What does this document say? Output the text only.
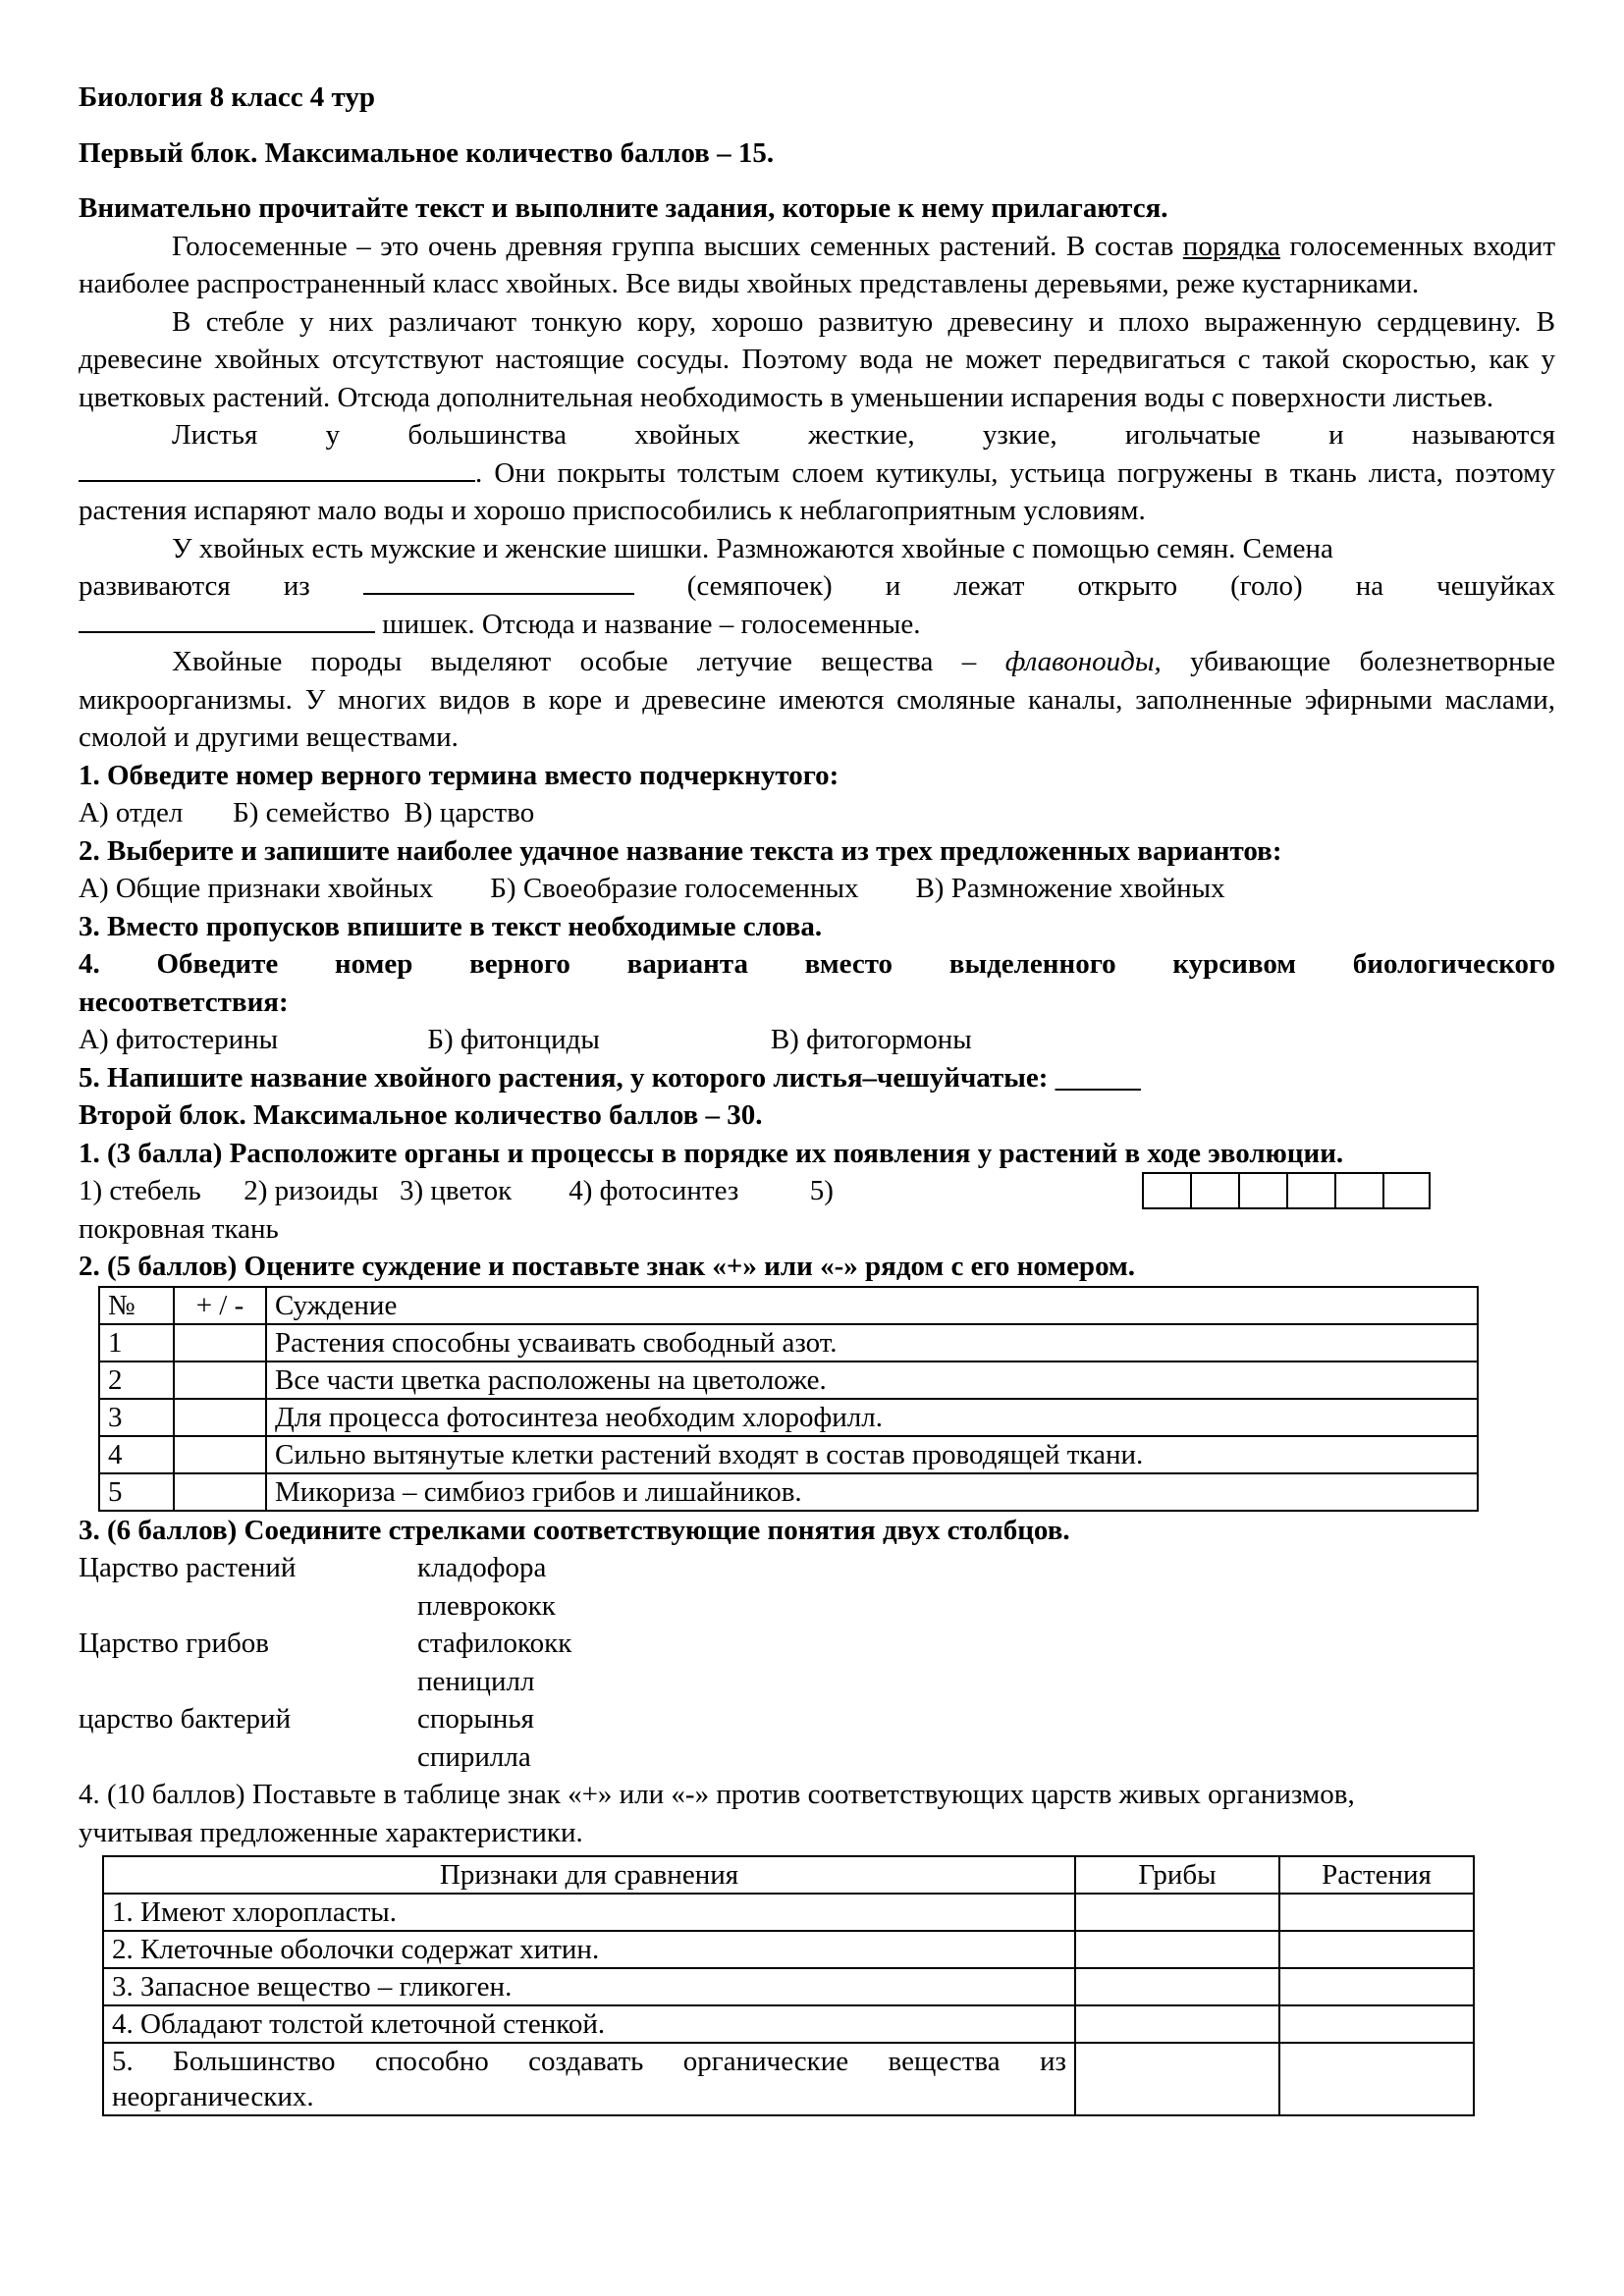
Биология 8 класс 4 тур

Первый блок. Максимальное количество баллов – 15.

Внимательно прочитайте текст и выполните задания, которые к нему прилагаются.

Голосеменные – это очень древняя группа высших семенных растений. В состав порядка голосеменных входит наиболее распространенный класс хвойных. Все виды хвойных представлены деревьями, реже кустарниками.

В стебле у них различают тонкую кору, хорошо развитую древесину и плохо выраженную сердцевину. В древесине хвойных отсутствуют настоящие сосуды. Поэтому вода не может передвигаться с такой скоростью, как у цветковых растений. Отсюда дополнительная необходимость в уменьшении испарения воды с поверхности листьев.

Листья у большинства хвойных жесткие, узкие, игольчатые и называются

. Они покрыты толстым слоем кутикулы, устьица погружены в ткань листа, поэтому растения испаряют мало воды и хорошо приспособились к неблагоприятным условиям.

У хвойных есть мужские и женские шишки. Размножаются хвойные с помощью семян. Семена

развиваются из	(семяпочек) и лежат открыто (голо) на чешуйках

шишек. Отсюда и название – голосеменные.

Хвойные породы выделяют особые летучие вещества – флавоноиды, убивающие болезнетворные микроорганизмы. У многих видов в коре и древесине имеются смоляные каналы, заполненные эфирными маслами, смолой и другими веществами.

1. Обведите номер верного термина вместо подчеркнутого:

А) отдел       Б) семейство  В) царство

2. Выберите и запишите наиболее удачное название текста из трех предложенных вариантов:

А) Общие признаки хвойных        Б) Своеобразие голосеменных        В) Размножение хвойных

3. Вместо пропусков впишите в текст необходимые слова.

4. Обведите номер верного варианта вместо выделенного курсивом биологического несоответствия:

А) фитостерины                     Б) фитонциды                        В) фитогормоны

5. Напишите название хвойного растения, у которого листья–чешуйчатые: ______

Второй блок. Максимальное количество баллов – 30.

1. (3 балла) Расположите органы и процессы в порядке их появления у растений в ходе эволюции.

1) стебель      2) ризоиды   3) цветок        4) фотосинтез          5)

покровная ткань

2. (5 баллов) Оцените суждение и поставьте знак «+» или «-» рядом с его номером.

№	+ / -	Суждение
1		Растения способны усваивать свободный азот.
2		Все части цветка расположены на цветоложе.
3		Для процесса фотосинтеза необходим хлорофилл.
4		Сильно вытянутые клетки растений входят в состав проводящей ткани.
5		Микориза – симбиоз грибов и лишайников.

3. (6 баллов) Соедините стрелками соответствующие понятия двух столбцов.

Царство растений	кладофора
плеврококк
Царство грибов	стафилококк
пеницилл
царство бактерий	спорынья
спирилла

4. (10 баллов) Поставьте в таблице знак «+» или «-» против соответствующих царств живых организмов, учитывая предложенные характеристики.

Признаки для сравнения	Грибы	Растения
1. Имеют хлоропласты.		
2. Клеточные оболочки содержат хитин.		
3. Запасное вещество – гликоген.		
4. Обладают толстой клеточной стенкой.		
5. Большинство способно создавать органические вещества из неорганических.		
